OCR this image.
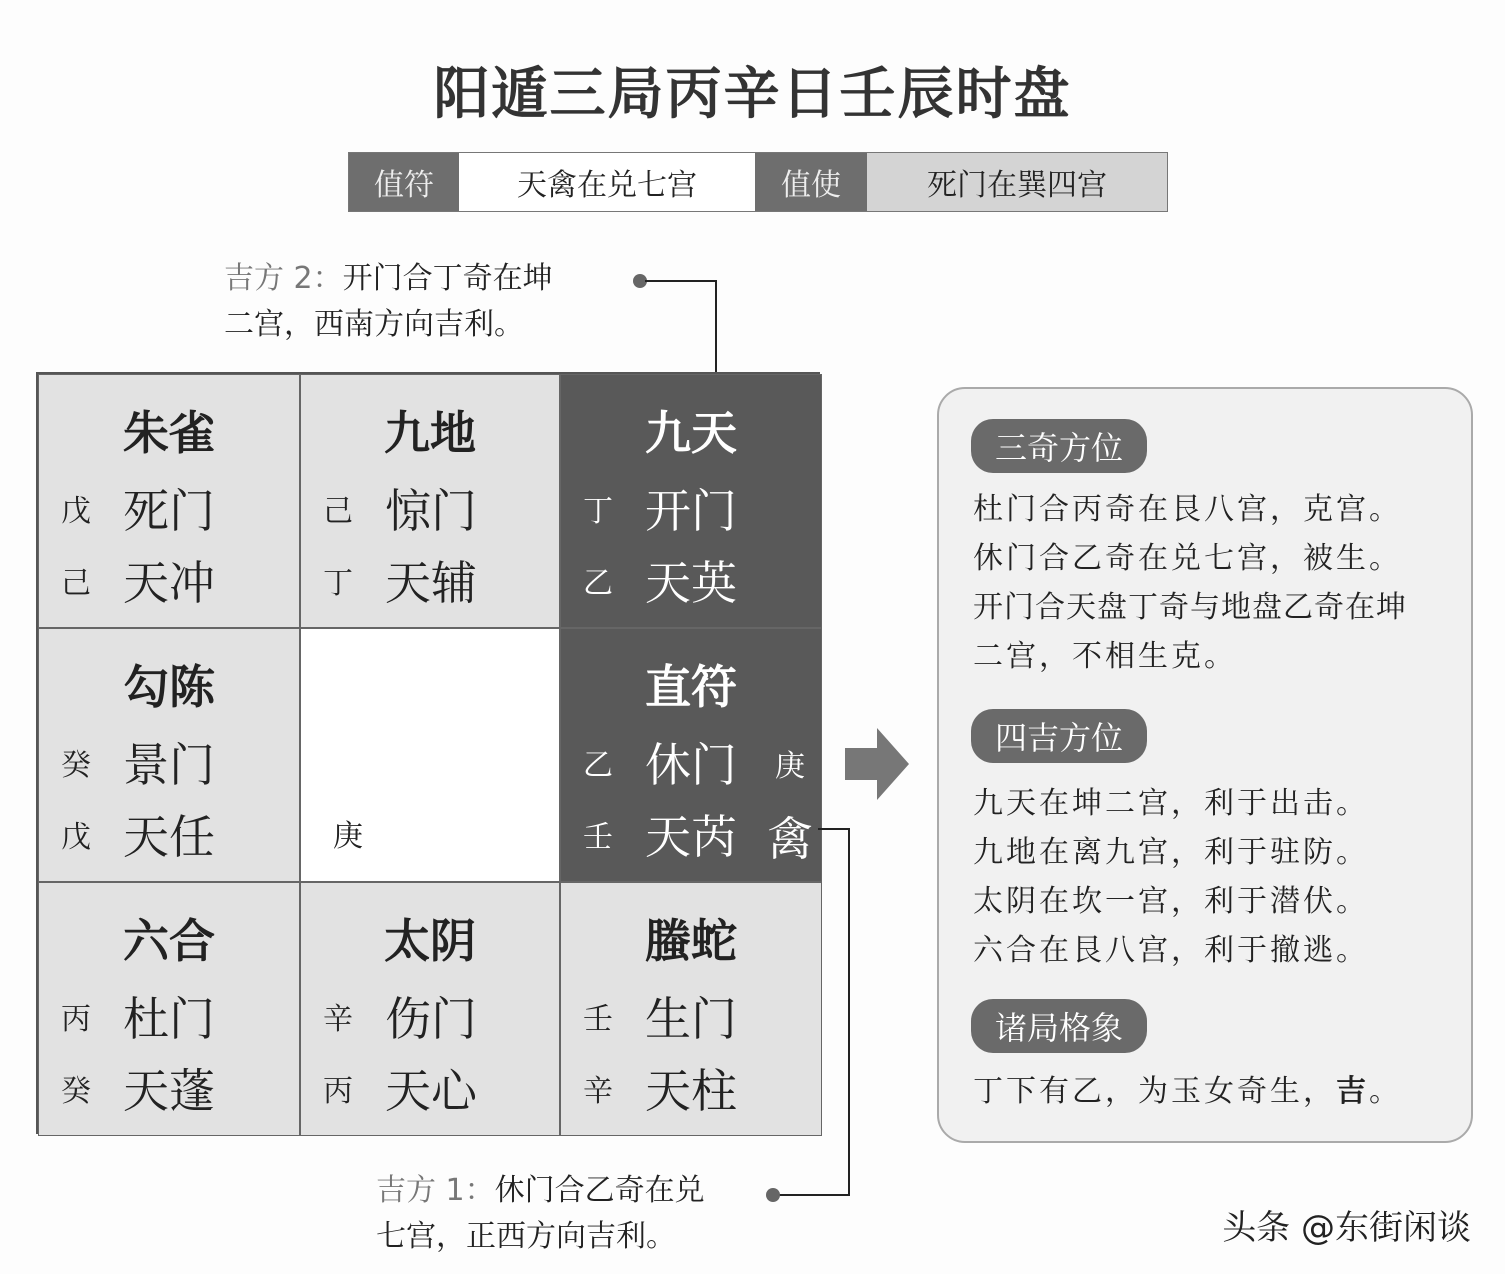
阳遁三局丙辛日壬辰时盘
值符	天禽在兑七宫	值使	死门在巽四宫
吉方 2：开门合丁奇在坤
二宫，西南方向吉利。
朱雀
戊 死门
己 天冲
九地
己 惊门
丁 天辅
九天
丁 开门
乙 天英
勾陈
癸 景门
戊 天任	庚
直符
乙 休门 庚
壬 天芮 禽
六合
丙 杜门
癸 天蓬
太阴
辛 伤门
丙 天心
螣蛇
壬 生门
辛 天柱
吉方 1：休门合乙奇在兑
七宫，正西方向吉利。
三奇方位
杜门合丙奇在艮八宫，克宫。
休门合乙奇在兑七宫，被生。
开门合天盘丁奇与地盘乙奇在坤
二宫，不相生克。
四吉方位
九天在坤二宫，利于出击。
九地在离九宫，利于驻防。
太阴在坎一宫，利于潜伏。
六合在艮八宫，利于撤逃。
诸局格象
丁下有乙，为玉女奇生，吉。
头条 @东街闲谈
